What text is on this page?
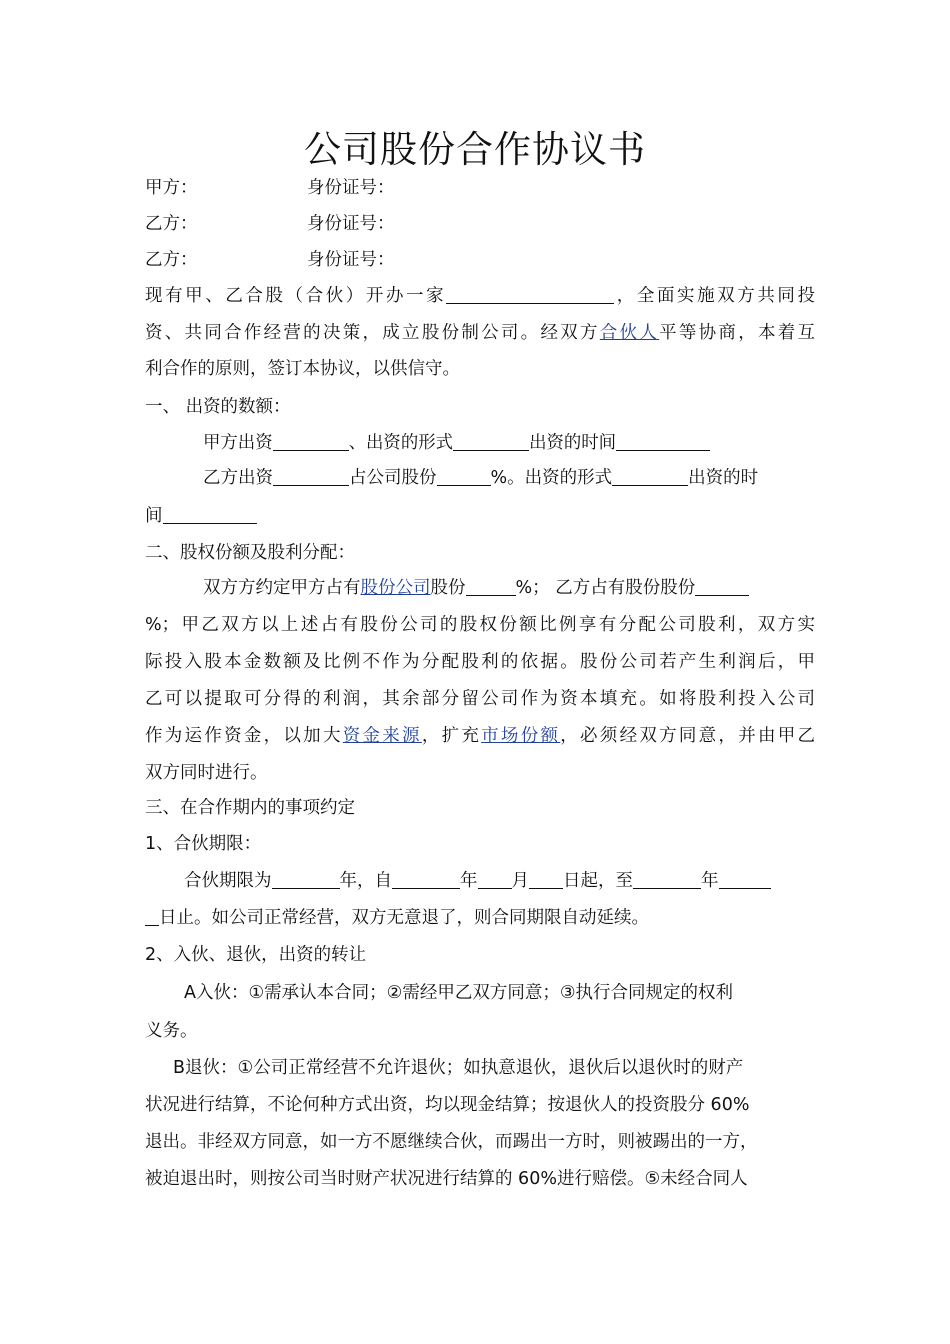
公司股份合作协议书
甲方：	身份证号：
乙方：	身份证号：
乙方：	身份证号：
现有甲、乙合股（合伙）开办一家	，全面实施双方共同投
资、共同合作经营的决策，成立股份制公司。经双方合伙人平等协商，本着互
利合作的原则，签订本协议，以供信守。
一、 出资的数额：
甲方出资	、出资的形式	出资的时间
乙方出资	占公司股份	%。出资的形式	出资的时
间
二、股权份额及股利分配：
双方方约定甲方占有股份公司股份	%； 乙方占有股份股份
%；甲乙双方以上述占有股份公司的股权份额比例享有分配公司股利，双方实
际投入股本金数额及比例不作为分配股利的依据。股份公司若产生利润后，甲
乙可以提取可分得的利润，其余部分留公司作为资本填充。如将股利投入公司
作为运作资金，以加大资金来源，扩充市场份额，必须经双方同意，并由甲乙
双方同时进行。
三、在合作期内的事项约定
1、合伙期限：
合伙期限为	年，自	年 月 日起，至	年
日止。如公司正常经营，双方无意退了，则合同期限自动延续。
2、入伙、退伙，出资的转让
A入伙：①需承认本合同；②需经甲乙双方同意；③执行合同规定的权利
义务。
B退伙：①公司正常经营不允许退伙；如执意退伙，退伙后以退伙时的财产
状况进行结算，不论何种方式出资，均以现金结算；按退伙人的投资股分 60%
退出。非经双方同意，如一方不愿继续合伙，而踢出一方时，则被踢出的一方，
被迫退出时，则按公司当时财产状况进行结算的 60%进行赔偿。⑤未经合同人
